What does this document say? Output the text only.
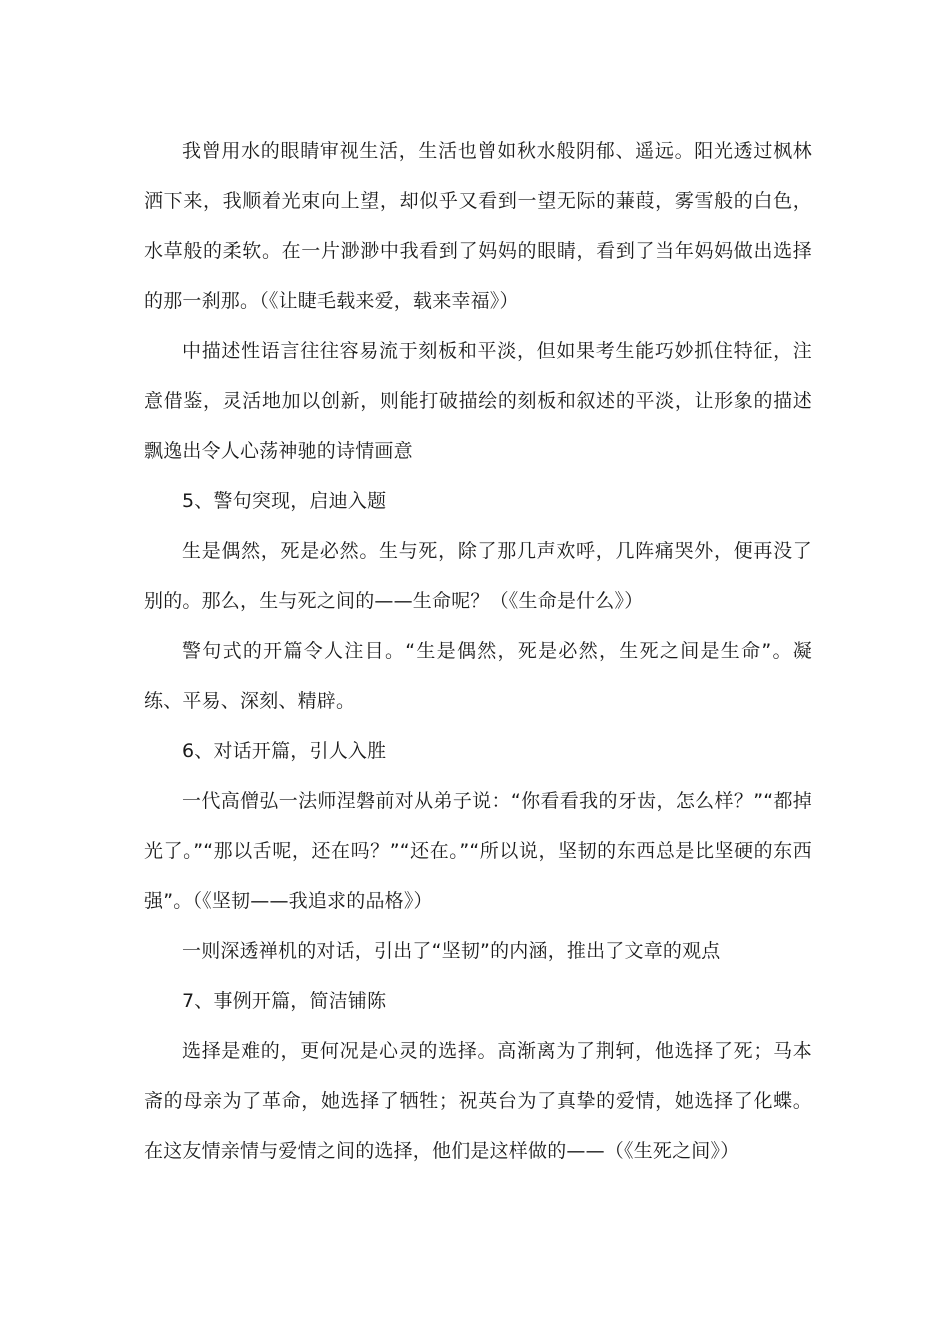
我曾用水的眼睛审视生活，生活也曾如秋水般阴郁、遥远。阳光透过枫林洒下来，我顺着光束向上望，却似乎又看到一望无际的蒹葭，雾雪般的白色，水草般的柔软。在一片渺渺中我看到了妈妈的眼睛，看到了当年妈妈做出选择的那一刹那。（《让睫毛载来爱，载来幸福》）

中描述性语言往往容易流于刻板和平淡，但如果考生能巧妙抓住特征，注意借鉴，灵活地加以创新，则能打破描绘的刻板和叙述的平淡，让形象的描述飘逸出令人心荡神驰的诗情画意

5、警句突现，启迪入题

生是偶然，死是必然。生与死，除了那几声欢呼，几阵痛哭外，便再没了别的。那么，生与死之间的——生命呢？（《生命是什么》）

警句式的开篇令人注目。“生是偶然，死是必然，生死之间是生命”。凝练、平易、深刻、精辟。

6、对话开篇，引人入胜

一代高僧弘一法师涅磐前对从弟子说：“你看看我的牙齿，怎么样？”“都掉光了。”“那以舌呢，还在吗？”“还在。”“所以说，坚韧的东西总是比坚硬的东西强”。（《坚韧——我追求的品格》）

一则深透禅机的对话，引出了“坚韧”的内涵，推出了文章的观点

7、事例开篇，简洁铺陈

选择是难的，更何况是心灵的选择。高渐离为了荆轲，他选择了死；马本斋的母亲为了革命，她选择了牺牲；祝英台为了真挚的爱情，她选择了化蝶。在这友情亲情与爱情之间的选择，他们是这样做的——（《生死之间》）
